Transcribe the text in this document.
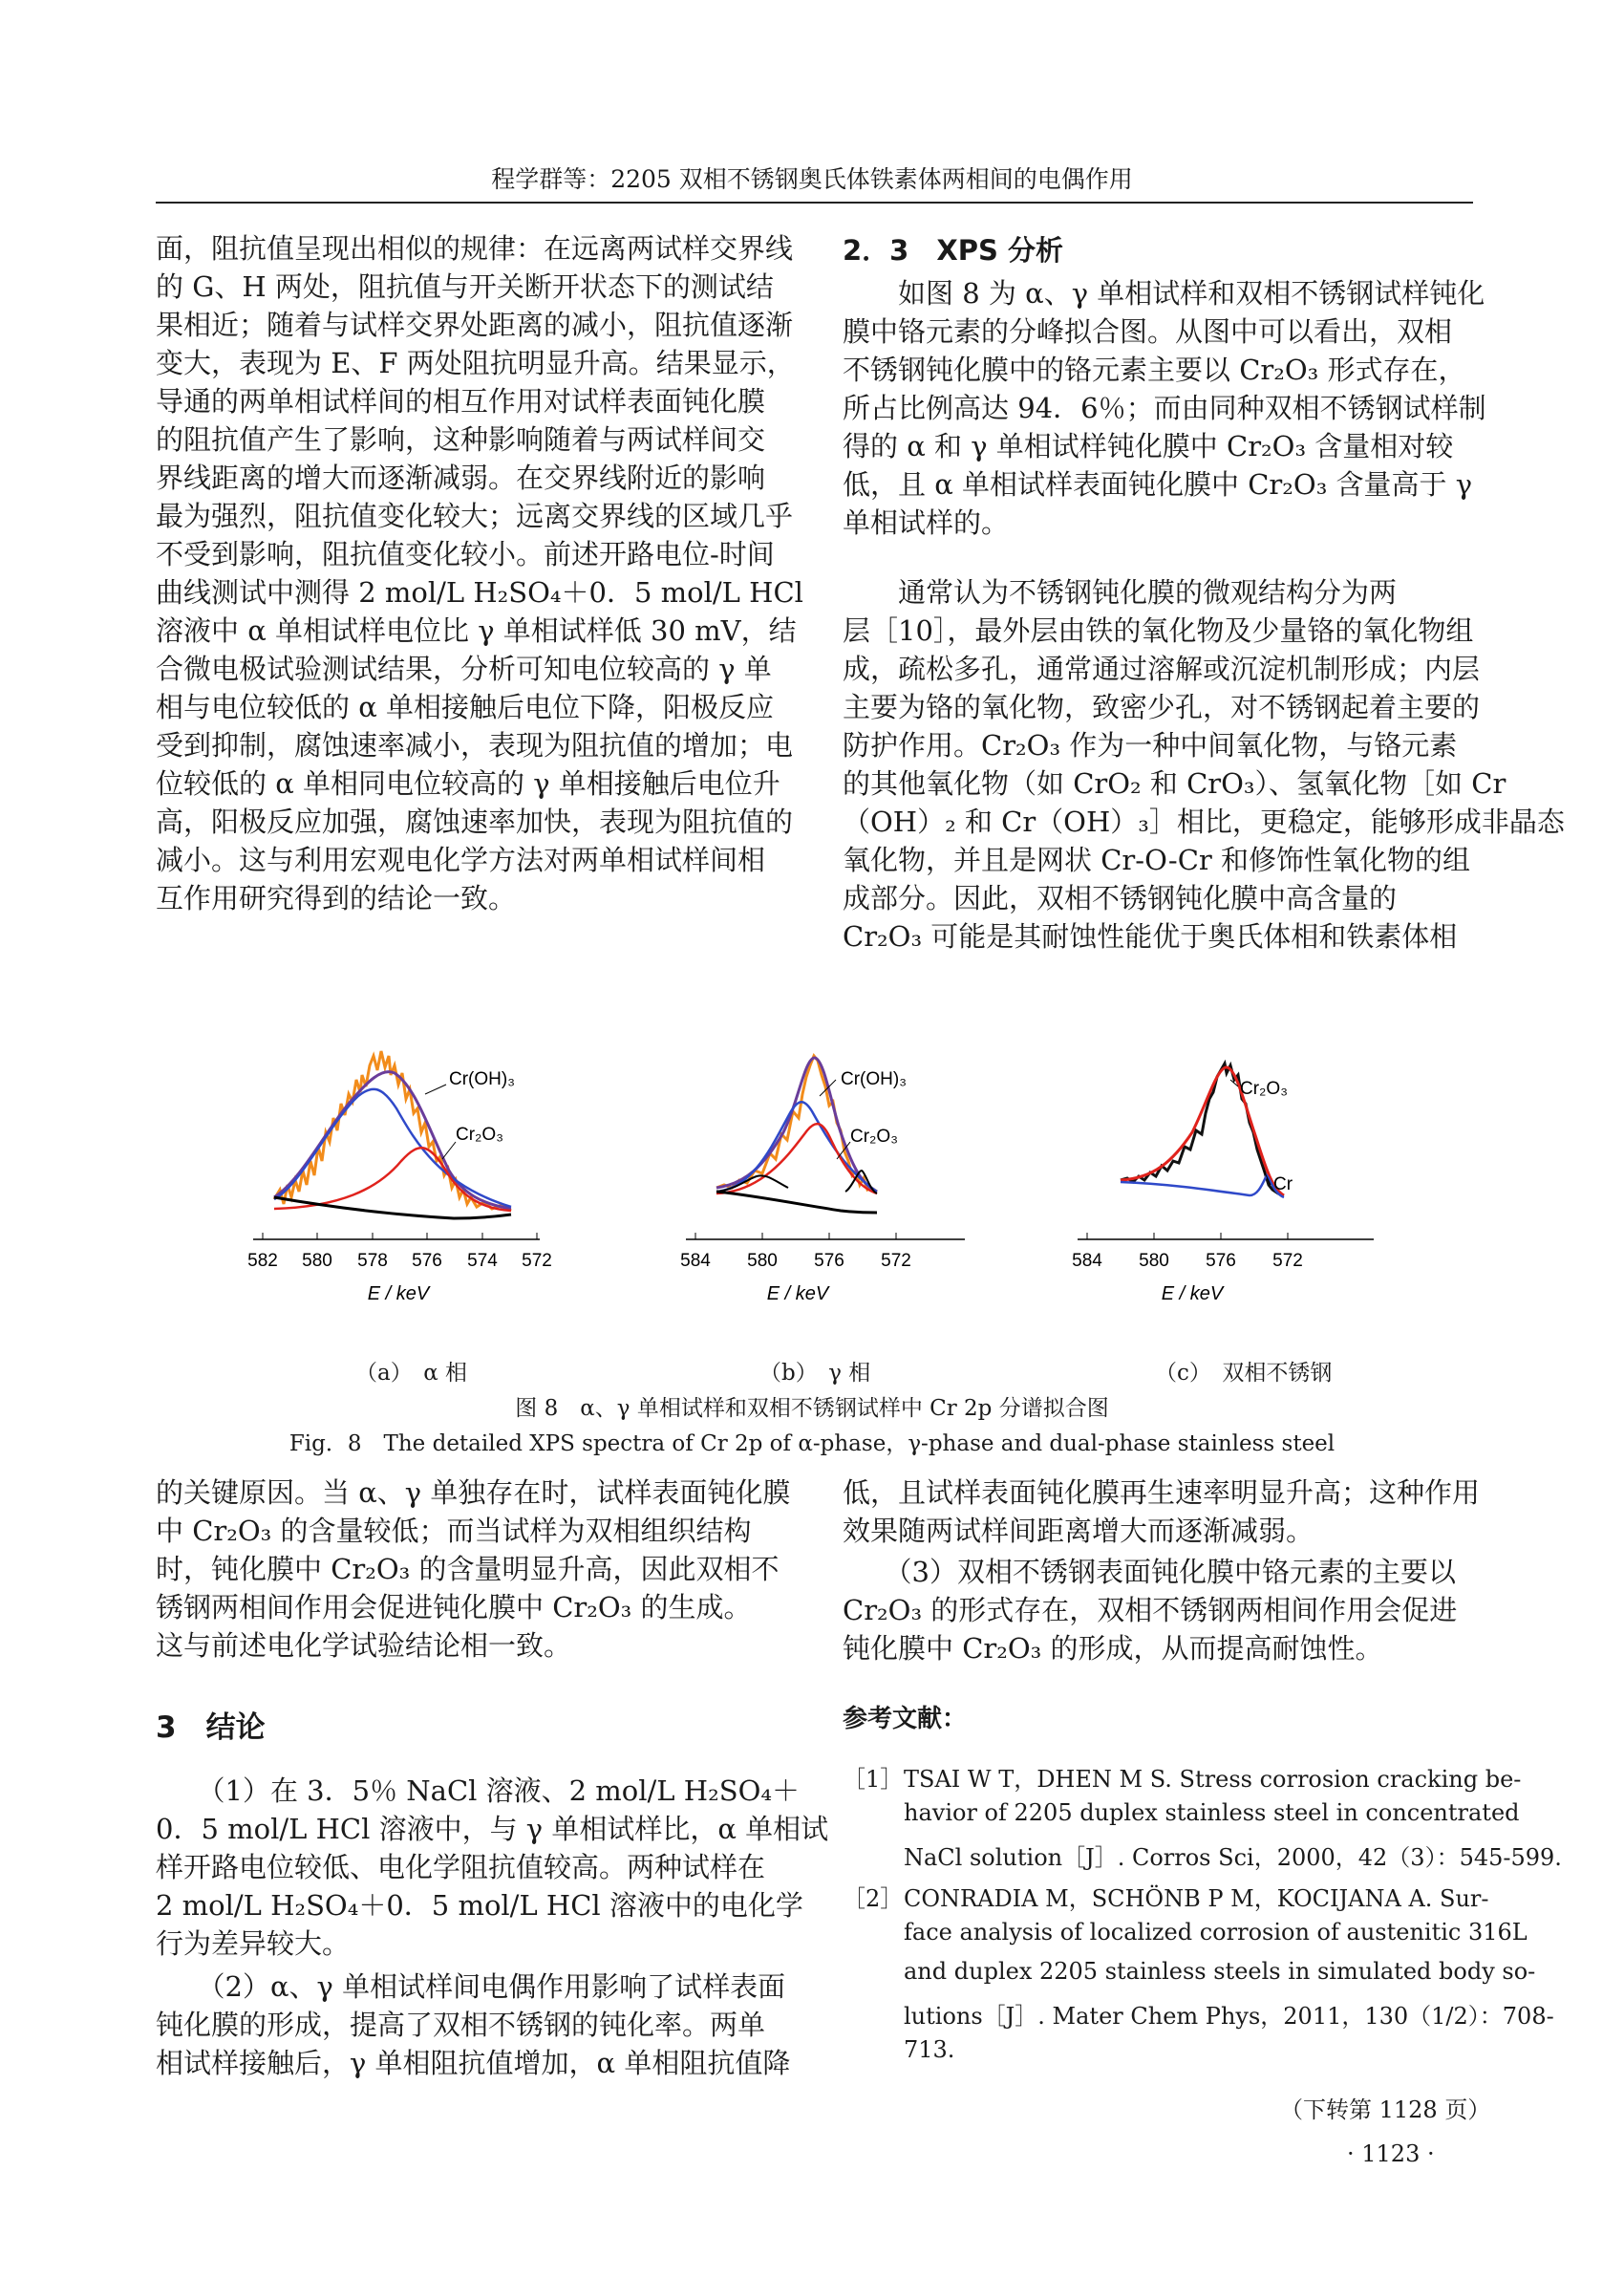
程学群等：2205 双相不锈钢奥氏体铁素体两相间的电偶作用
面，阻抗值呈现出相似的规律：在远离两试样交界线
的 G、H 两处，阻抗值与开关断开状态下的测试结
果相近；随着与试样交界处距离的减小，阻抗值逐渐
变大，表现为 E、F 两处阻抗明显升高。结果显示，
导通的两单相试样间的相互作用对试样表面钝化膜
的阻抗值产生了影响，这种影响随着与两试样间交
界线距离的增大而逐渐减弱。在交界线附近的影响
最为强烈，阻抗值变化较大；远离交界线的区域几乎
不受到影响，阻抗值变化较小。前述开路电位-时间
曲线测试中测得 2 mol/L H₂SO₄＋0．5 mol/L HCl
溶液中 α 单相试样电位比 γ 单相试样低 30 mV，结
合微电极试验测试结果，分析可知电位较高的 γ 单
相与电位较低的 α 单相接触后电位下降，阳极反应
受到抑制，腐蚀速率减小，表现为阻抗值的增加；电
位较低的 α 单相同电位较高的 γ 单相接触后电位升
高，阳极反应加强，腐蚀速率加快，表现为阻抗值的
减小。这与利用宏观电化学方法对两单相试样间相
互作用研究得到的结论一致。
2．3　XPS 分析
　　如图 8 为 α、γ 单相试样和双相不锈钢试样钝化
膜中铬元素的分峰拟合图。从图中可以看出，双相
不锈钢钝化膜中的铬元素主要以 Cr₂O₃ 形式存在，
所占比例高达 94．6％；而由同种双相不锈钢试样制
得的 α 和 γ 单相试样钝化膜中 Cr₂O₃ 含量相对较
低，且 α 单相试样表面钝化膜中 Cr₂O₃ 含量高于 γ
单相试样的。
　　通常认为不锈钢钝化膜的微观结构分为两
层［10］，最外层由铁的氧化物及少量铬的氧化物组
成，疏松多孔，通常通过溶解或沉淀机制形成；内层
主要为铬的氧化物，致密少孔，对不锈钢起着主要的
防护作用。Cr₂O₃ 作为一种中间氧化物，与铬元素
的其他氧化物（如 CrO₂ 和 CrO₃）、氢氧化物［如 Cr
（OH）₂ 和 Cr（OH）₃］相比，更稳定，能够形成非晶态
氧化物，并且是网状 Cr-O-Cr 和修饰性氧化物的组
成部分。因此，双相不锈钢钝化膜中高含量的
Cr₂O₃ 可能是其耐蚀性能优于奥氏体相和铁素体相
582 580 578 576 574 572
E / keV
Cr(OH)₃
Cr₂O₃
584 580 576 572
E / keV
Cr(OH)₃
Cr₂O₃
584 580 576 572
E / keV
Cr₂O₃
Cr
（a）　α 相	（b）　γ 相	（c）　双相不锈钢
图 8　α、γ 单相试样和双相不锈钢试样中 Cr 2p 分谱拟合图
Fig．8　The detailed XPS spectra of Cr 2p of α-phase，γ-phase and dual-phase stainless steel
的关键原因。当 α、γ 单独存在时，试样表面钝化膜
中 Cr₂O₃ 的含量较低；而当试样为双相组织结构
时，钝化膜中 Cr₂O₃ 的含量明显升高，因此双相不
锈钢两相间作用会促进钝化膜中 Cr₂O₃ 的生成。
这与前述电化学试验结论相一致。
3　结论
　　（1）在 3．5％ NaCl 溶液、2 mol/L H₂SO₄＋
0．5 mol/L HCl 溶液中，与 γ 单相试样比，α 单相试
样开路电位较低、电化学阻抗值较高。两种试样在
2 mol/L H₂SO₄＋0．5 mol/L HCl 溶液中的电化学
行为差异较大。
　　（2）α、γ 单相试样间电偶作用影响了试样表面
钝化膜的形成，提高了双相不锈钢的钝化率。两单
相试样接触后，γ 单相阻抗值增加，α 单相阻抗值降
低，且试样表面钝化膜再生速率明显升高；这种作用
效果随两试样间距离增大而逐渐减弱。
　　（3）双相不锈钢表面钝化膜中铬元素的主要以
Cr₂O₃ 的形式存在，双相不锈钢两相间作用会促进
钝化膜中 Cr₂O₃ 的形成，从而提高耐蚀性。
参考文献：
［1］ TSAI W T，DHEN M S. Stress corrosion cracking be-
havior of 2205 duplex stainless steel in concentrated
NaCl solution［J］. Corros Sci，2000，42（3）：545-599.
［2］ CONRADIA M，SCHÖNB P M，KOCIJANA A. Sur-
face analysis of localized corrosion of austenitic 316L
and duplex 2205 stainless steels in simulated body so-
lutions［J］. Mater Chem Phys，2011，130（1/2）：708-
713.
（下转第 1128 页）
· 1123 ·
